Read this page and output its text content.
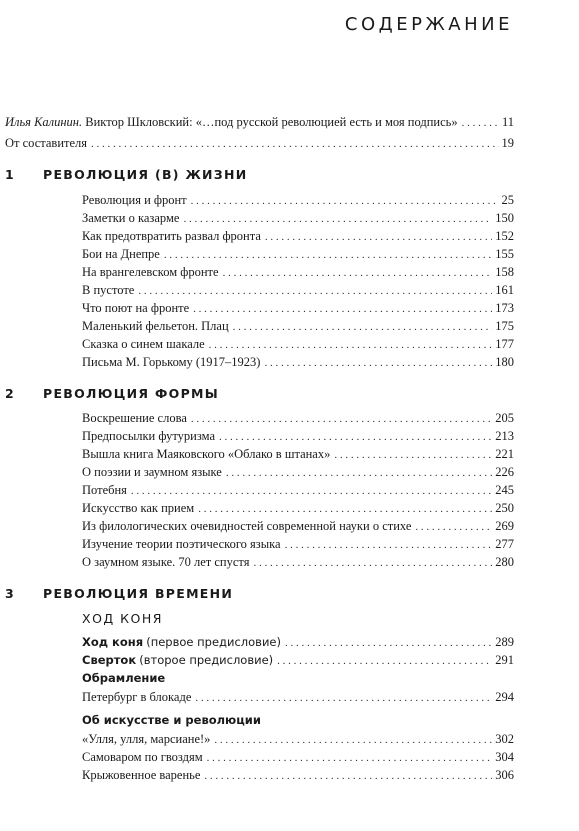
СОДЕРЖАНИЕ
Илья Калинин. Виктор Шкловский: «…под русской революцией есть и моя подпись» . . .	11
От составителя . . .	19
1	РЕВОЛЮЦИЯ (В) ЖИЗНИ
Революция и фронт . . .	25
Заметки о казарме . . .	150
Как предотвратить развал фронта . . .	152
Бои на Днепре . . .	155
На врангелевском фронте . . .	158
В пустоте . . .	161
Что поют на фронте . . .	173
Маленький фельетон. Плац . . .	175
Сказка о синем шакале . . .	177
Письма М. Горькому (1917–1923) . . .	180
2	РЕВОЛЮЦИЯ ФОРМЫ
Воскрешение слова . . .	205
Предпосылки футуризма . . .	213
Вышла книга Маяковского «Облако в штанах» . . .	221
О поэзии и заумном языке . . .	226
Потебня . . .	245
Искусство как прием . . .	250
Из филологических очевидностей современной науки о стихе . . .	269
Изучение теории поэтического языка . . .	277
О заумном языке. 70 лет спустя . . .	280
3	РЕВОЛЮЦИЯ ВРЕМЕНИ
ХОД КОНЯ
Ход коня (первое предисловие) . . .	289
Сверток (второе предисловие) . . .	291
Обрамление
Петербург в блокаде . . .	294
Об искусстве и революции
«Улля, улля, марсиане!» . . .	302
Самоваром по гвоздям . . .	304
Крыжовенное варенье . . .	306
